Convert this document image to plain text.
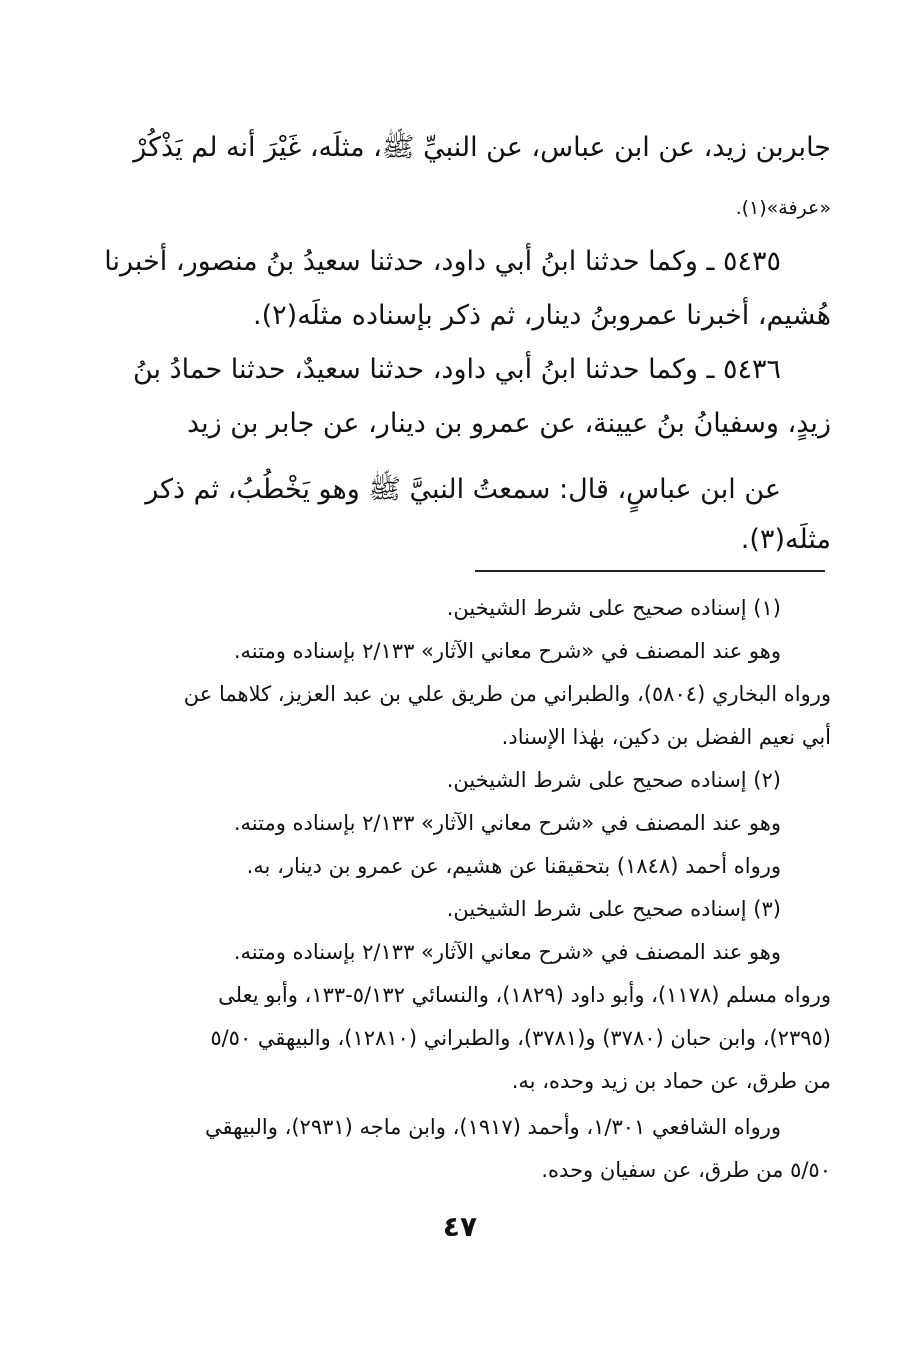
جابربن زيد، عن ابن عباس، عن النبيِّ ﷺ، مثلَه، غَيْرَ أنه لم يَذْكُرْ
«عرفة»(١).
٥٤٣٥ ـ وكما حدثنا ابنُ أبي داود، حدثنا سعيدُ بنُ منصور، أخبرنا
هُشيم، أخبرنا عمروبنُ دينار، ثم ذكر بإسناده مثلَه(٢).
٥٤٣٦ ـ وكما حدثنا ابنُ أبي داود، حدثنا سعيدٌ، حدثنا حمادُ بنُ
زيدٍ، وسفيانُ بنُ عيينة، عن عمرو بن دينار، عن جابر بن زيد
عن ابن عباسٍ، قال: سمعتُ النبيَّ ﷺ وهو يَخْطُبُ، ثم ذكر
مثلَه(٣).
(١) إسناده صحيح على شرط الشيخين.
وهو عند المصنف في «شرح معاني الآثار» ٢/١٣٣ بإسناده ومتنه.
ورواه البخاري (٥٨٠٤)، والطبراني من طريق علي بن عبد العزيز، كلاهما عن
أبي نعيم الفضل بن دكين، بهٰذا الإسناد.
(٢) إسناده صحيح على شرط الشيخين.
وهو عند المصنف في «شرح معاني الآثار» ٢/١٣٣ بإسناده ومتنه.
ورواه أحمد (١٨٤٨) بتحقيقنا عن هشيم، عن عمرو بن دينار، به.
(٣) إسناده صحيح على شرط الشيخين.
وهو عند المصنف في «شرح معاني الآثار» ٢/١٣٣ بإسناده ومتنه.
ورواه مسلم (١١٧٨)، وأبو داود (١٨٢٩)، والنسائي ٥/١٣٢-١٣٣، وأبو يعلى
(٢٣٩٥)، وابن حبان (٣٧٨٠) و(٣٧٨١)، والطبراني (١٢٨١٠)، والبيهقي ٥/٥٠
من طرق، عن حماد بن زيد وحده، به.
ورواه الشافعي ١/٣٠١، وأحمد (١٩١٧)، وابن ماجه (٢٩٣١)، والبيهقي
٥/٥٠ من طرق، عن سفيان وحده.
٤٧
